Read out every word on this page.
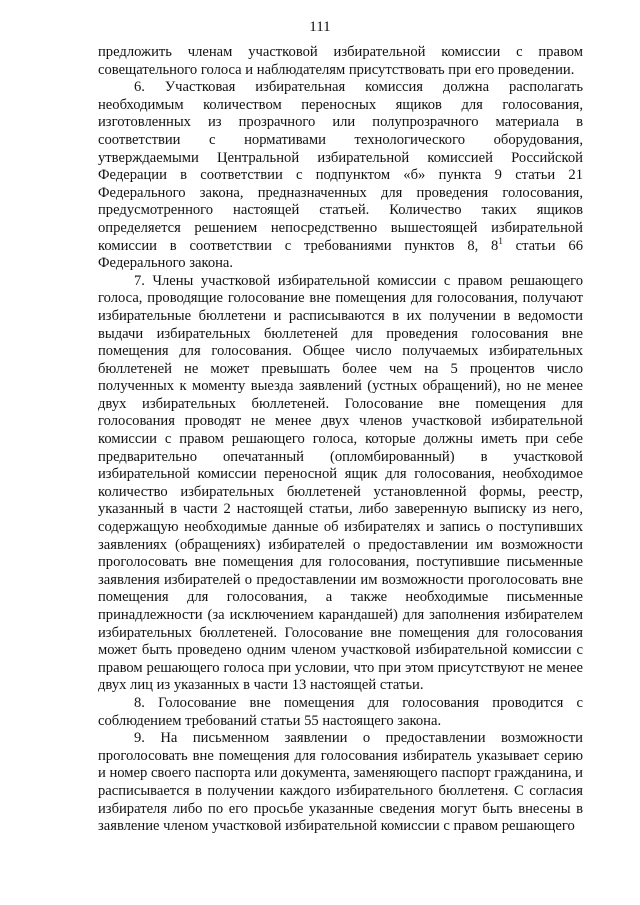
111

предложить членам участковой избирательной комиссии с правом совещательного голоса и наблюдателям присутствовать при его проведении.

6. Участковая избирательная комиссия должна располагать необходимым количеством переносных ящиков для голосования, изготовленных из прозрачного или полупрозрачного материала в соответствии с нормативами технологического оборудования, утверждаемыми Центральной избирательной комиссией Российской Федерации в соответствии с подпунктом «б» пункта 9 статьи 21 Федерального закона, предназначенных для проведения голосования, предусмотренного настоящей статьей. Количество таких ящиков определяется решением непосредственно вышестоящей избирательной комиссии в соответствии с требованиями пунктов 8, $8^1$ статьи 66 Федерального закона.

7. Члены участковой избирательной комиссии с правом решающего голоса, проводящие голосование вне помещения для голосования, получают избирательные бюллетени и расписываются в их получении в ведомости выдачи избирательных бюллетеней для проведения голосования вне помещения для голосования. Общее число получаемых избирательных бюллетеней не может превышать более чем на 5 процентов число полученных к моменту выезда заявлений (устных обращений), но не менее двух избирательных бюллетеней. Голосование вне помещения для голосования проводят не менее двух членов участковой избирательной комиссии с правом решающего голоса, которые должны иметь при себе предварительно опечатанный (опломбированный) в участковой избирательной комиссии переносной ящик для голосования, необходимое количество избирательных бюллетеней установленной формы, реестр, указанный в части 2 настоящей статьи, либо заверенную выписку из него, содержащую необходимые данные об избирателях и запись о поступивших заявлениях (обращениях) избирателей о предоставлении им возможности проголосовать вне помещения для голосования, поступившие письменные заявления избирателей о предоставлении им возможности проголосовать вне помещения для голосования, а также необходимые письменные принадлежности (за исключением карандашей) для заполнения избирателем избирательных бюллетеней. Голосование вне помещения для голосования может быть проведено одним членом участковой избирательной комиссии с правом решающего голоса при условии, что при этом присутствуют не менее двух лиц из указанных в части 13 настоящей статьи.

8. Голосование вне помещения для голосования проводится с соблюдением требований статьи 55 настоящего закона.

9. На письменном заявлении о предоставлении возможности проголосовать вне помещения для голосования избиратель указывает серию и номер своего паспорта или документа, заменяющего паспорт гражданина, и расписывается в получении каждого избирательного бюллетеня. С согласия избирателя либо по его просьбе указанные сведения могут быть внесены в заявление членом участковой избирательной комиссии с правом решающего
